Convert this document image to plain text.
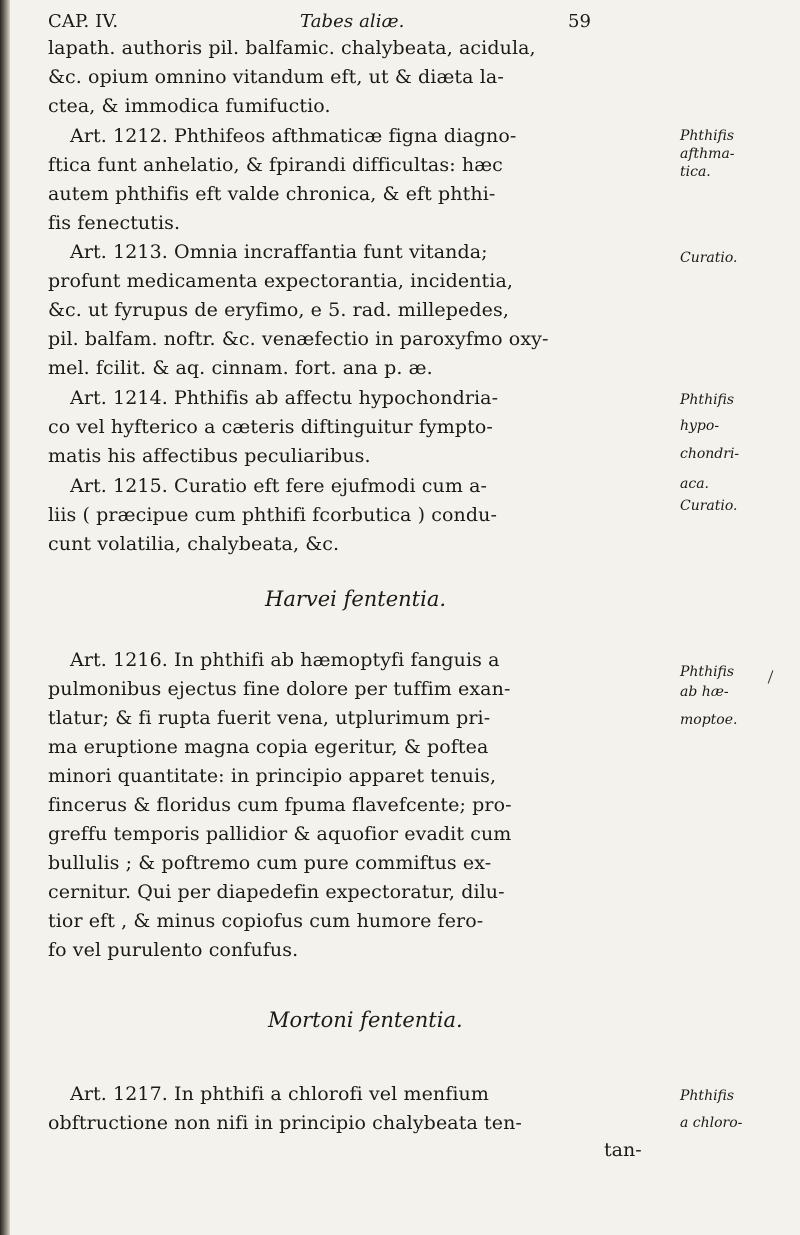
CAP. IV.	Tabes aliæ.	59
lapath. authoris pil. balfamic. chalybeata, acidula,
&c. opium omnino vitandum eft, ut & diæta la-
ctea, & immodica fumifuctio.
Art. 1212. Phthifeos afthmaticæ figna diagno-
ftica funt anhelatio, & fpirandi difficultas: hæc
autem phthifis eft valde chronica, & eft phthi-
fis fenectutis.
Art. 1213. Omnia incraffantia funt vitanda;
profunt medicamenta expectorantia, incidentia,
&c. ut fyrupus de eryfimo, e 5. rad. millepedes,
pil. balfam. noftr. &c. venæfectio in paroxyfmo oxy-
mel. fcilit. & aq. cinnam. fort. ana p. æ.
Art. 1214. Phthifis ab affectu hypochondria-
co vel hyfterico a cæteris diftinguitur fympto-
matis his affectibus peculiaribus.
Art. 1215. Curatio eft fere ejufmodi cum a-
liis ( præcipue cum phthifi fcorbutica ) condu-
cunt volatilia, chalybeata, &c.
Harvei fententia.
Art. 1216. In phthifi ab hæmoptyfi fanguis a
pulmonibus ejectus fine dolore per tuffim exan-
tlatur; & fi rupta fuerit vena, utplurimum pri-
ma eruptione magna copia egeritur, & poftea
minori quantitate: in principio apparet tenuis,
fincerus & floridus cum fpuma flavefcente; pro-
greffu temporis pallidior & aquofior evadit cum
bullulis ; & poftremo cum pure commiftus ex-
cernitur. Qui per diapedefin expectoratur, dilu-
tior eft , & minus copiofus cum humore fero-
fo vel purulento confufus.
Mortoni fententia.
Art. 1217. In phthifi a chlorofi vel menfium
obftructione non nifi in principio chalybeata ten-
tan-
Phthifis
afthma-
tica.
Curatio.
Phthifis
hypo-
chondri-
aca.
Curatio.
Phthifis
ab hæ-
moptoe.
Phthifis
a chloro-
